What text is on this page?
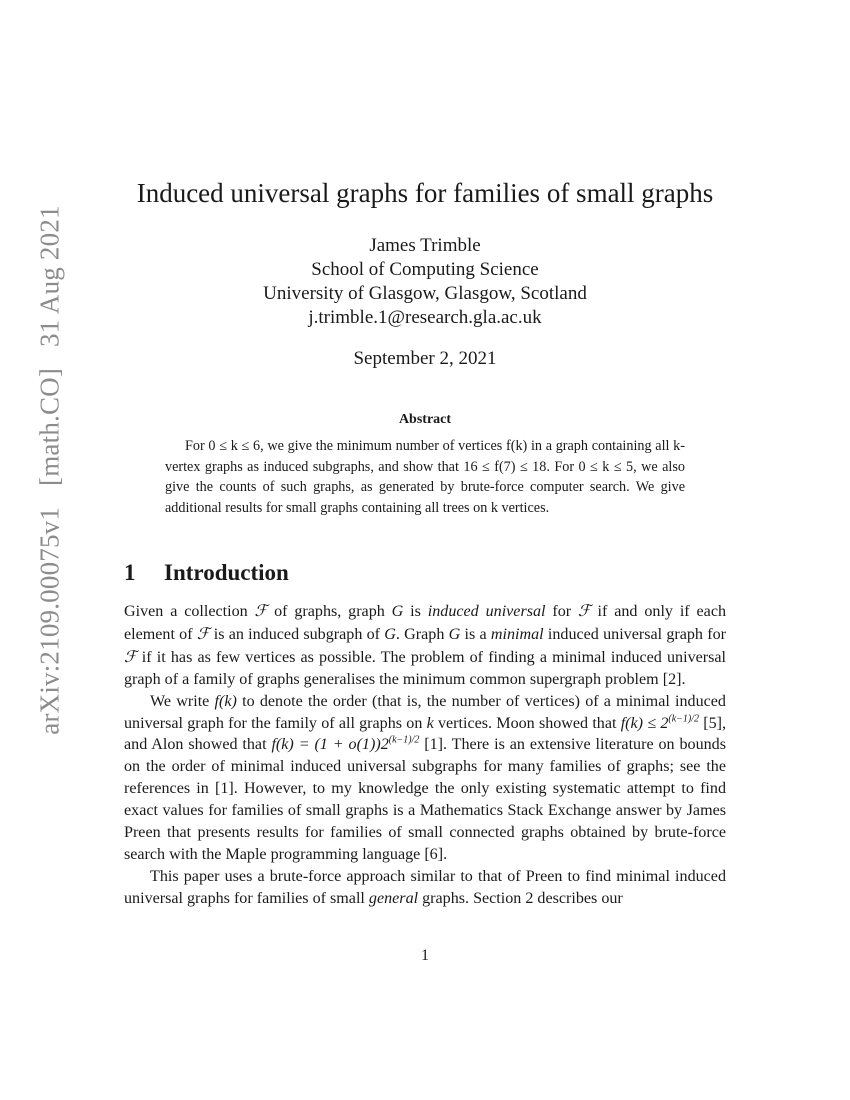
arXiv:2109.00075v1 [math.CO] 31 Aug 2021
Induced universal graphs for families of small graphs
James Trimble
School of Computing Science
University of Glasgow, Glasgow, Scotland
j.trimble.1@research.gla.ac.uk
September 2, 2021
Abstract
For 0 ≤ k ≤ 6, we give the minimum number of vertices f(k) in a graph containing all k-vertex graphs as induced subgraphs, and show that 16 ≤ f(7) ≤ 18. For 0 ≤ k ≤ 5, we also give the counts of such graphs, as generated by brute-force computer search. We give additional results for small graphs containing all trees on k vertices.
1 Introduction

Given a collection ℱ of graphs, graph G is induced universal for ℱ if and only if each element of ℱ is an induced subgraph of G. Graph G is a minimal induced universal graph for ℱ if it has as few vertices as possible. The problem of finding a minimal induced universal graph of a family of graphs generalises the minimum common supergraph problem [2].

We write f(k) to denote the order (that is, the number of vertices) of a minimal induced universal graph for the family of all graphs on k vertices. Moon showed that $f(k) \le 2^{(k-1)/2}$ [5], and Alon showed that $f(k) = (1 + o(1))2^{(k-1)/2}$ [1]. There is an extensive literature on bounds on the order of minimal induced universal subgraphs for many families of graphs; see the references in [1]. However, to my knowledge the only existing systematic attempt to find exact values for families of small graphs is a Mathematics Stack Exchange answer by James Preen that presents results for families of small connected graphs obtained by brute-force search with the Maple programming language [6].

This paper uses a brute-force approach similar to that of Preen to find minimal induced universal graphs for families of small general graphs. Section 2 describes our

1
